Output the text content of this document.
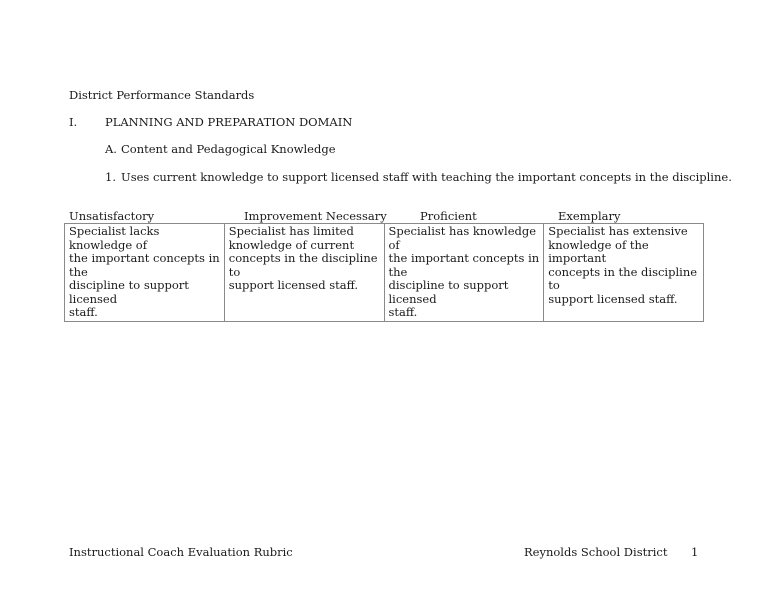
District Performance Standards
I. PLANNING AND PREPARATION DOMAIN
A. Content and Pedagogical Knowledge
1. Uses current knowledge to support licensed staff with teaching the important concepts in the discipline.
Unsatisfactory	Improvement Necessary	Proficient	Exemplary
Specialist lacks knowledge of
the important concepts in the
discipline to support licensed
staff.

Specialist has limited
knowledge of current
concepts in the discipline to
support licensed staff.

Specialist has knowledge of
the important concepts in the
discipline to support licensed
staff.

Specialist has extensive
knowledge of the important
concepts in the discipline to
support licensed staff.
Instructional Coach Evaluation Rubric	Reynolds School District 1
